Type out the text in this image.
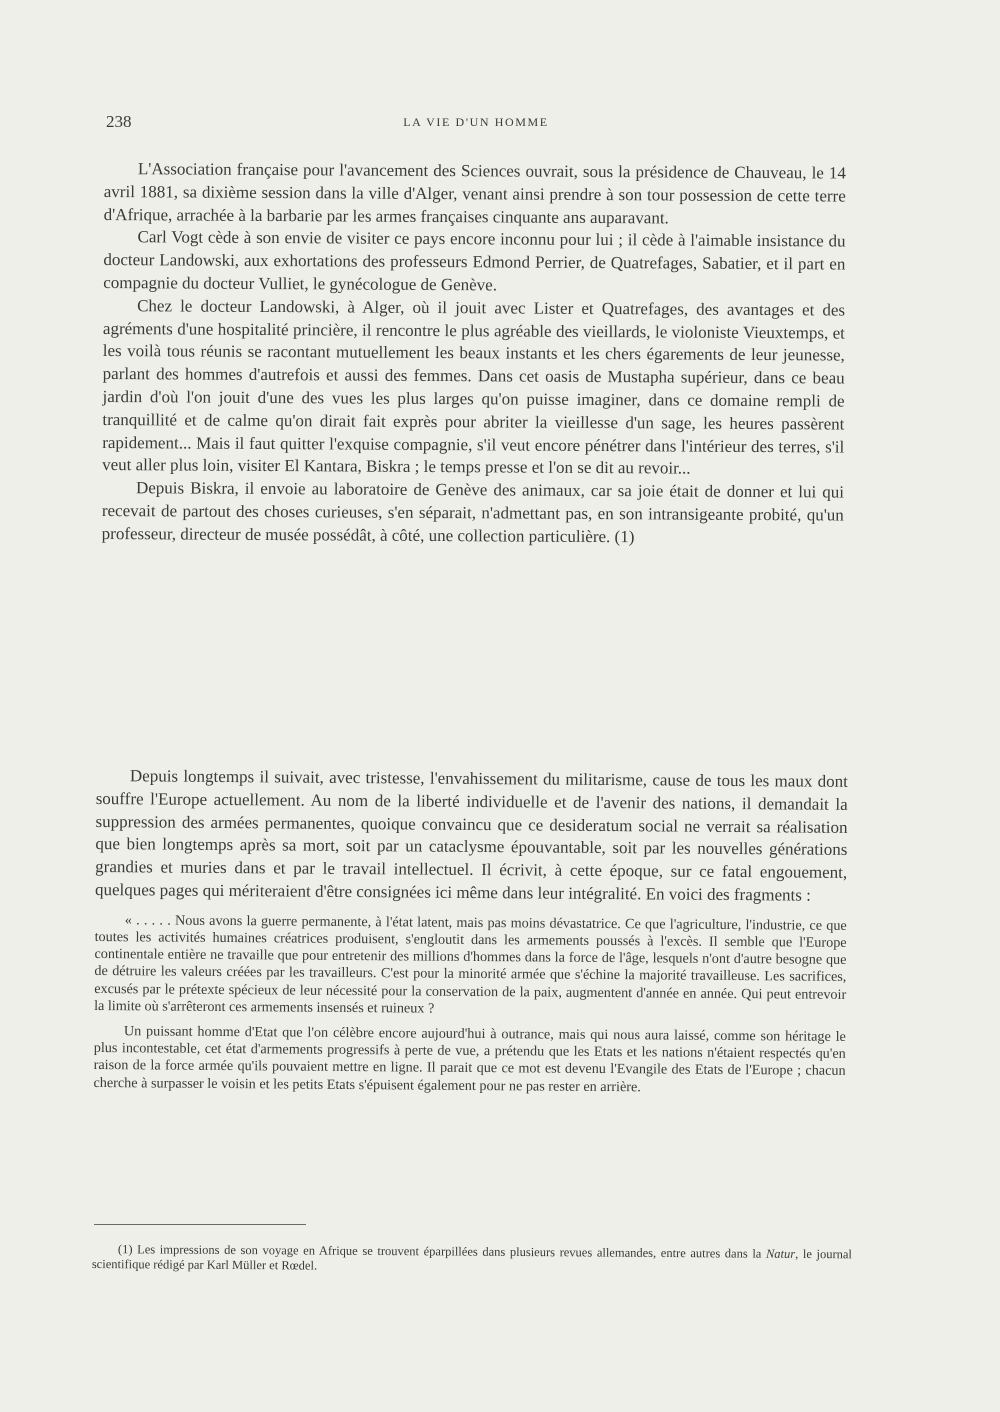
238	LA VIE D'UN HOMME

L'Association française pour l'avancement des Sciences ouvrait, sous la présidence de Chauveau, le 14 avril 1881, sa dixième session dans la ville d'Alger, venant ainsi prendre à son tour possession de cette terre d'Afrique, arrachée à la barbarie par les armes françaises cinquante ans auparavant.

Carl Vogt cède à son envie de visiter ce pays encore inconnu pour lui ; il cède à l'aimable insistance du docteur Landowski, aux exhortations des professeurs Edmond Perrier, de Quatrefages, Sabatier, et il part en compagnie du docteur Vulliet, le gynécologue de Genève.

Chez le docteur Landowski, à Alger, où il jouit avec Lister et Quatrefages, des avantages et des agréments d'une hospitalité princière, il rencontre le plus agréable des vieillards, le violoniste Vieuxtemps, et les voilà tous réunis se racontant mutuellement les beaux instants et les chers égarements de leur jeunesse, parlant des hommes d'autrefois et aussi des femmes. Dans cet oasis de Mustapha supérieur, dans ce beau jardin d'où l'on jouit d'une des vues les plus larges qu'on puisse imaginer, dans ce domaine rempli de tranquillité et de calme qu'on dirait fait exprès pour abriter la vieillesse d'un sage, les heures passèrent rapidement... Mais il faut quitter l'exquise compagnie, s'il veut encore pénétrer dans l'intérieur des terres, s'il veut aller plus loin, visiter El Kantara, Biskra ; le temps presse et l'on se dit au revoir...

Depuis Biskra, il envoie au laboratoire de Genève des animaux, car sa joie était de donner et lui qui recevait de partout des choses curieuses, s'en séparait, n'admettant pas, en son intransigeante probité, qu'un professeur, directeur de musée possédât, à côté, une collection particulière. (1)

Depuis longtemps il suivait, avec tristesse, l'envahissement du militarisme, cause de tous les maux dont souffre l'Europe actuellement. Au nom de la liberté individuelle et de l'avenir des nations, il demandait la suppression des armées permanentes, quoique convaincu que ce desideratum social ne verrait sa réalisation que bien longtemps après sa mort, soit par un cataclysme épouvantable, soit par les nouvelles générations grandies et muries dans et par le travail intellectuel. Il écrivit, à cette époque, sur ce fatal engouement, quelques pages qui mériteraient d'être consignées ici même dans leur intégralité. En voici des fragments :

« . . . . . Nous avons la guerre permanente, à l'état latent, mais pas moins dévastatrice. Ce que l'agriculture, l'industrie, ce que toutes les activités humaines créatrices produisent, s'engloutit dans les armements poussés à l'excès. Il semble que l'Europe continentale entière ne travaille que pour entretenir des millions d'hommes dans la force de l'âge, lesquels n'ont d'autre besogne que de détruire les valeurs créées par les travailleurs. C'est pour la minorité armée que s'échine la majorité travailleuse. Les sacrifices, excusés par le prétexte spécieux de leur nécessité pour la conservation de la paix, augmentent d'année en année. Qui peut entrevoir la limite où s'arrêteront ces armements insensés et ruineux ?

Un puissant homme d'Etat que l'on célèbre encore aujourd'hui à outrance, mais qui nous aura laissé, comme son héritage le plus incontestable, cet état d'armements progressifs à perte de vue, a prétendu que les Etats et les nations n'étaient respectés qu'en raison de la force armée qu'ils pouvaient mettre en ligne. Il parait que ce mot est devenu l'Evangile des Etats de l'Europe ; chacun cherche à surpasser le voisin et les petits Etats s'épuisent également pour ne pas rester en arrière.

(1) Les impressions de son voyage en Afrique se trouvent éparpillées dans plusieurs revues allemandes, entre autres dans la Natur, le journal scientifique rédigé par Karl Müller et Rœdel.
